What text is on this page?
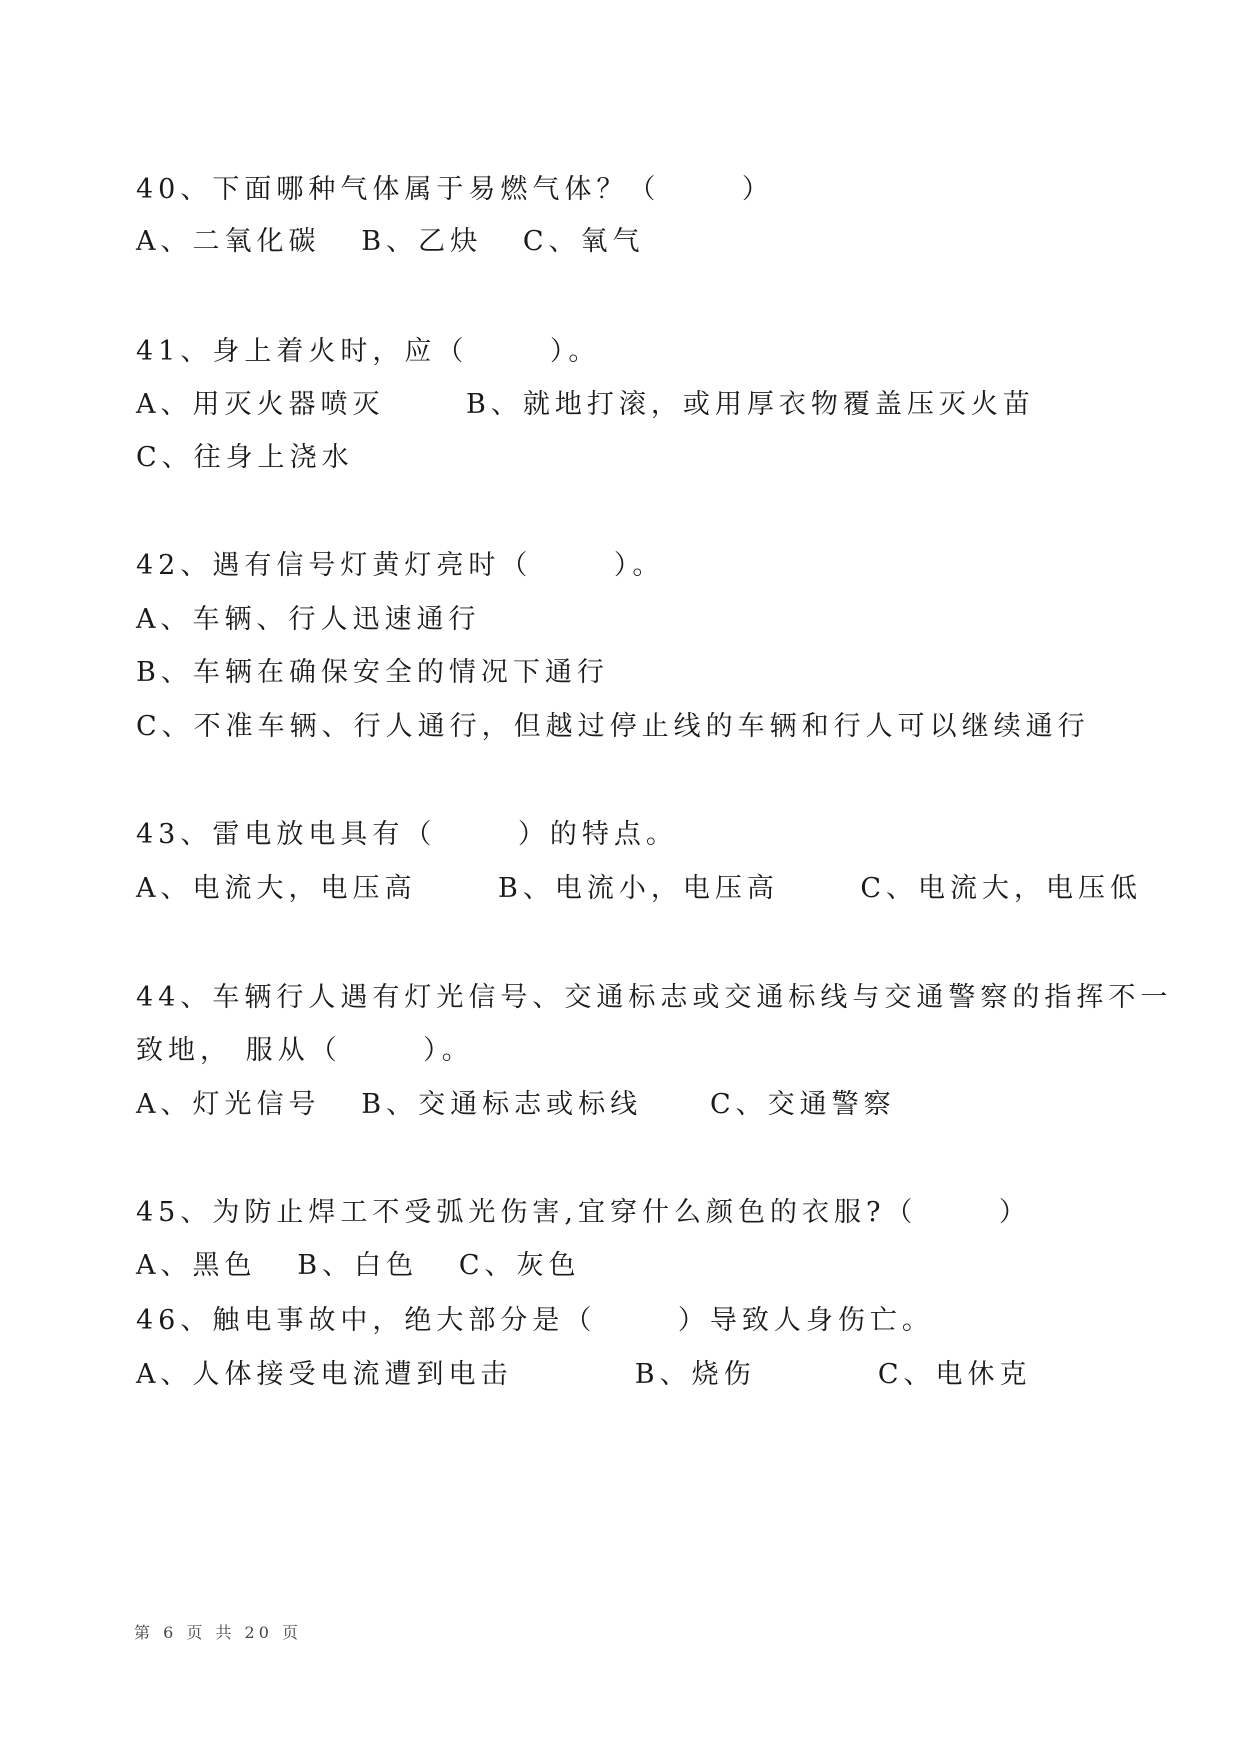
40、下面哪种气体属于易燃气体？（      ）
A、二氧化碳   B、乙炔   C、氧气
41、身上着火时，应（      ）。
A、用灭火器喷灭      B、就地打滚，或用厚衣物覆盖压灭火苗
C、往身上浇水
42、遇有信号灯黄灯亮时（      ）。
A、车辆、行人迅速通行
B、车辆在确保安全的情况下通行
C、不准车辆、行人通行，但越过停止线的车辆和行人可以继续通行
43、雷电放电具有（      ）的特点。
A、电流大，电压高      B、电流小，电压高      C、电流大，电压低
44、车辆行人遇有灯光信号、交通标志或交通标线与交通警察的指挥不一
致地， 服从（      ）。
A、灯光信号   B、交通标志或标线     C、交通警察
45、为防止焊工不受弧光伤害,宜穿什么颜色的衣服?（      ）
A、黑色   B、白色   C、灰色
46、触电事故中，绝大部分是（      ）导致人身伤亡。
A、人体接受电流遭到电击         B、烧伤         C、电休克
第 6 页 共 20 页
